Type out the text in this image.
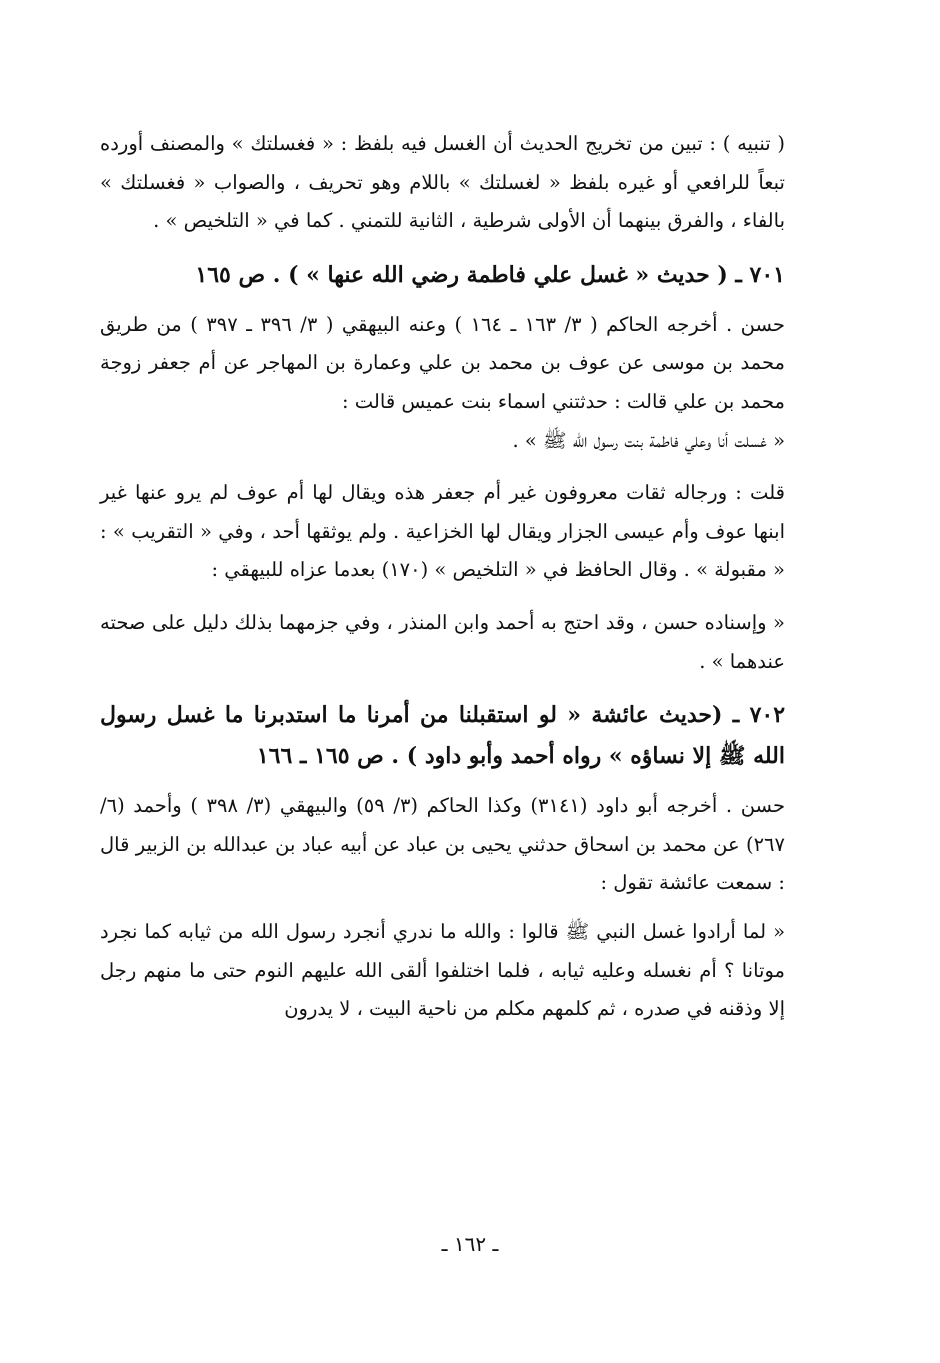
( تنبيه ) : تبين من تخريج الحديث أن الغسل فيه بلفظ : « فغسلتك » والمصنف أورده تبعاً للرافعي أو غيره بلفظ « لغسلتك » باللام وهو تحريف ، والصواب « فغسلتك » بالفاء ، والفرق بينهما أن الأولى شرطية ، الثانية للتمني . كما في « التلخيص » .

٧٠١ ـ ( حديث « غسل علي فاطمة رضي الله عنها » ) . ص ١٦٥

حسن . أخرجه الحاكم ( ٣/ ١٦٣ ـ ١٦٤ ) وعنه البيهقي ( ٣/ ٣٩٦ ـ ٣٩٧ ) من طريق محمد بن موسى عن عوف بن محمد بن علي وعمارة بن المهاجر عن أم جعفر زوجة محمد بن علي قالت : حدثتني اسماء بنت عميس قالت :

« غسلت أنا وعلي فاطمة بنت رسول الله ﷺ » .

قلت : ورجاله ثقات معروفون غير أم جعفر هذه ويقال لها أم عوف لم يرو عنها غير ابنها عوف وأم عيسى الجزار ويقال لها الخزاعية . ولم يوثقها أحد ، وفي « التقريب » : « مقبولة » . وقال الحافظ في « التلخيص » (١٧٠) بعدما عزاه للبيهقي :

« وإسناده حسن ، وقد احتج به أحمد وابن المنذر ، وفي جزمهما بذلك دليل على صحته عندهما » .

٧٠٢ ـ (حديث عائشة « لو استقبلنا من أمرنا ما استدبرنا ما غسل رسول الله ﷺ إلا نساؤه » رواه أحمد وأبو داود ) . ص ١٦٥ ـ ١٦٦

حسن . أخرجه أبو داود (٣١٤١) وكذا الحاكم (٣/ ٥٩) والبيهقي (٣/ ٣٩٨ ) وأحمد (٦/ ٢٦٧) عن محمد بن اسحاق حدثني يحيى بن عباد عن أبيه عباد بن عبدالله بن الزبير قال : سمعت عائشة تقول :

« لما أرادوا غسل النبي ﷺ قالوا : والله ما ندري أنجرد رسول الله من ثيابه كما نجرد موتانا ؟ أم نغسله وعليه ثيابه ، فلما اختلفوا ألقى الله عليهم النوم حتى ما منهم رجل إلا وذقنه في صدره ، ثم كلمهم مكلم من ناحية البيت ، لا يدرون

ـ ١٦٢ ـ
